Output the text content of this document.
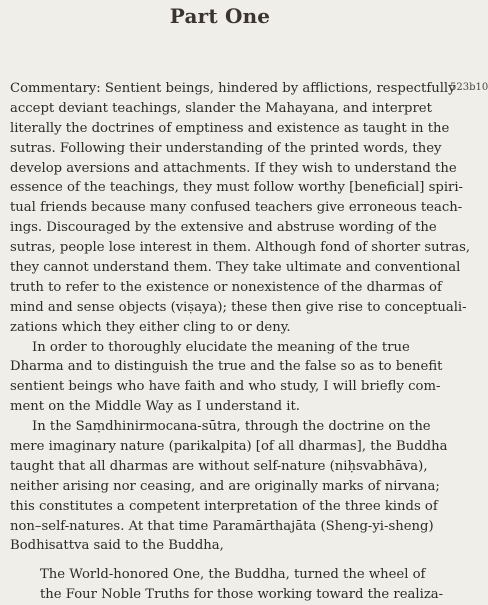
Part One
523b10
Commentary: Sentient beings, hindered by afflictions, respectfully
accept deviant teachings, slander the Mahayana, and interpret
literally the doctrines of emptiness and existence as taught in the
sutras. Following their understanding of the printed words, they
develop aversions and attachments. If they wish to understand the
essence of the teachings, they must follow worthy [beneficial] spiri-
tual friends because many confused teachers give erroneous teach-
ings. Discouraged by the extensive and abstruse wording of the
sutras, people lose interest in them. Although fond of shorter sutras,
they cannot understand them. They take ultimate and conventional
truth to refer to the existence or nonexistence of the dharmas of
mind and sense objects (viṣaya); these then give rise to conceptuali-
zations which they either cling to or deny.
In order to thoroughly elucidate the meaning of the true
Dharma and to distinguish the true and the false so as to benefit
sentient beings who have faith and who study, I will briefly com-
ment on the Middle Way as I understand it.
In the Saṃdhinirmocana-sūtra, through the doctrine on the
mere imaginary nature (parikalpita) [of all dharmas], the Buddha
taught that all dharmas are without self-nature (niḥsvabhāva),
neither arising nor ceasing, and are originally marks of nirvana;
this constitutes a competent interpretation of the three kinds of
non–self-natures. At that time Paramārthajāta (Sheng-yi-sheng)
Bodhisattva said to the Buddha,
The World-honored One, the Buddha, turned the wheel of
the Four Noble Truths for those working toward the realiza-
